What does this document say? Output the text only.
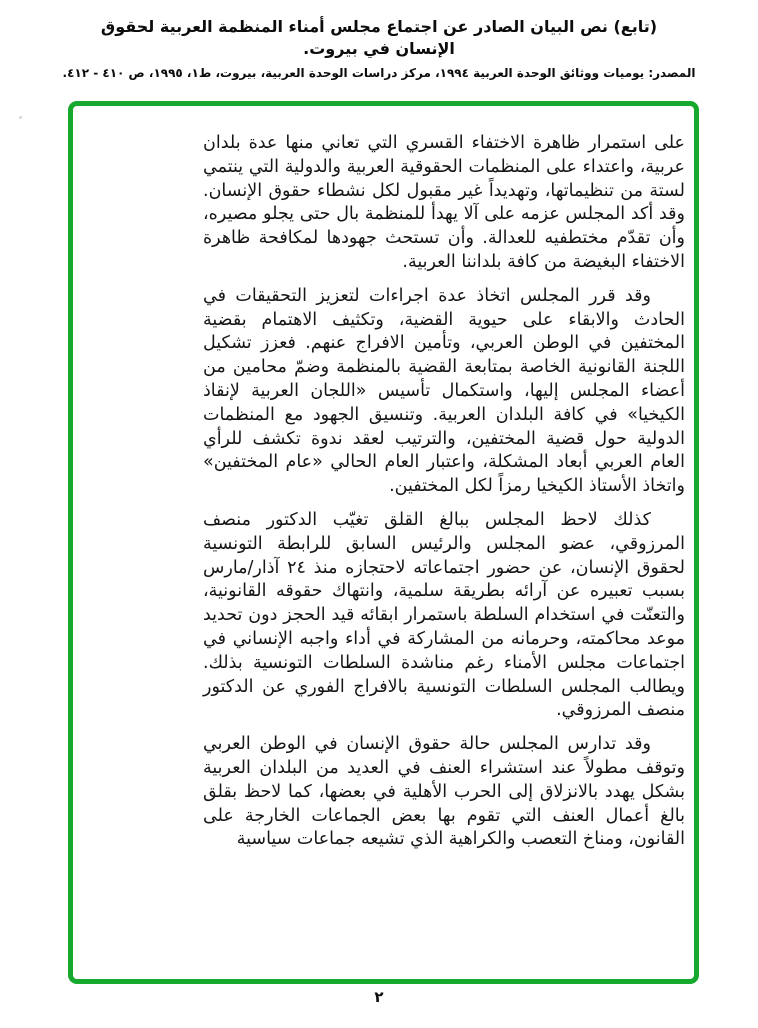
(تابع) نص البيان الصادر عن اجتماع مجلس أمناء المنظمة العربية لحقوق الإنسان في بيروت.
المصدر: يوميات ووثائق الوحدة العربية ١٩٩٤، مركز دراسات الوحدة العربية، بيروت، ط١، ١٩٩٥، ص ٤١٠ - ٤١٢.

على استمرار ظاهرة الاختفاء القسري التي تعاني منها عدة بلدان عربية، واعتداء على المنظمات الحقوقية العربية والدولية التي ينتمي لستة من تنظيماتها، وتهديداً غير مقبول لكل نشطاء حقوق الإنسان. وقد أكد المجلس عزمه على آلا يهدأ للمنظمة بال حتى يجلو مصيره، وأن تقدّم مختطفيه للعدالة. وأن تستحث جهودها لمكافحة ظاهرة الاختفاء البغيضة من كافة بلداننا العربية.

وقد قرر المجلس اتخاذ عدة اجراءات لتعزيز التحقيقات في الحادث والابقاء على حيوية القضية، وتكثيف الاهتمام بقضية المختفين في الوطن العربي، وتأمين الافراج عنهم. فعزز تشكيل اللجنة القانونية الخاصة بمتابعة القضية بالمنظمة وضمّ محامين من أعضاء المجلس إليها، واستكمال تأسيس «اللجان العربية لإنقاذ الكيخيا» في كافة البلدان العربية. وتنسيق الجهود مع المنظمات الدولية حول قضية المختفين، والترتيب لعقد ندوة تكشف للرأي العام العربي أبعاد المشكلة، واعتبار العام الحالي «عام المختفين» واتخاذ الأستاذ الكيخيا رمزاً لكل المختفين.

كذلك لاحظ المجلس ببالغ القلق تغيّب الدكتور منصف المرزوقي، عضو المجلس والرئيس السابق للرابطة التونسية لحقوق الإنسان، عن حضور اجتماعاته لاحتجازه منذ ٢٤ آذار/مارس بسبب تعبيره عن آرائه بطريقة سلمية، وانتهاك حقوقه القانونية، والتعنّت في استخدام السلطة باستمرار ابقائه قيد الحجز دون تحديد موعد محاكمته، وحرمانه من المشاركة في أداء واجبه الإنساني في اجتماعات مجلس الأمناء رغم مناشدة السلطات التونسية بذلك. ويطالب المجلس السلطات التونسية بالافراج الفوري عن الدكتور منصف المرزوقي.

وقد تدارس المجلس حالة حقوق الإنسان في الوطن العربي وتوقف مطولاً عند استشراء العنف في العديد من البلدان العربية بشكل يهدد بالانزلاق إلى الحرب الأهلية في بعضها، كما لاحظ بقلق بالغ أعمال العنف التي تقوم بها بعض الجماعات الخارجة على القانون، ومناخ التعصب والكراهية الذي تشيعه جماعات سياسية

٢
